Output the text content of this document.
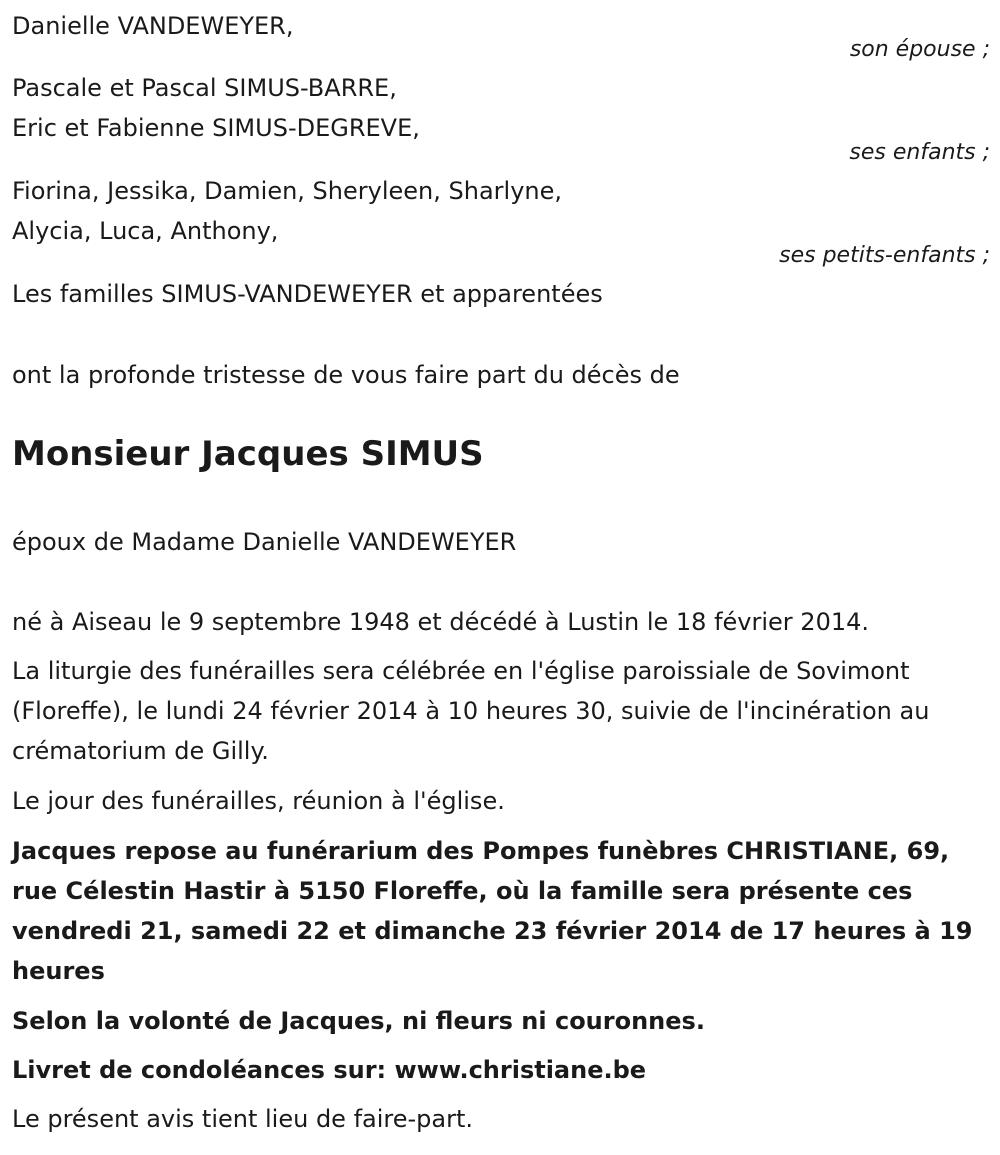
Danielle VANDEWEYER,

son épouse ;

Pascale et Pascal SIMUS-BARRE,

Eric et Fabienne SIMUS-DEGREVE,

ses enfants ;

Fiorina, Jessika, Damien, Sheryleen, Sharlyne,

Alycia, Luca, Anthony,

ses petits-enfants ;

Les familles SIMUS-VANDEWEYER et apparentées

ont la profonde tristesse de vous faire part du décès de

Monsieur Jacques SIMUS

époux de Madame Danielle VANDEWEYER

né à Aiseau le 9 septembre 1948 et décédé à Lustin le 18 février 2014.

La liturgie des funérailles sera célébrée en l'église paroissiale de Sovimont (Floreffe), le lundi 24 février 2014 à 10 heures 30, suivie de l'incinération au crématorium de Gilly.

Le jour des funérailles, réunion à l'église.

Jacques repose au funérarium des Pompes funèbres CHRISTIANE, 69, rue Célestin Hastir à 5150 Floreffe, où la famille sera présente ces vendredi 21, samedi 22 et dimanche 23 février 2014 de 17 heures à 19 heures

Selon la volonté de Jacques, ni fleurs ni couronnes.

Livret de condoléances sur: www.christiane.be

Le présent avis tient lieu de faire-part.
